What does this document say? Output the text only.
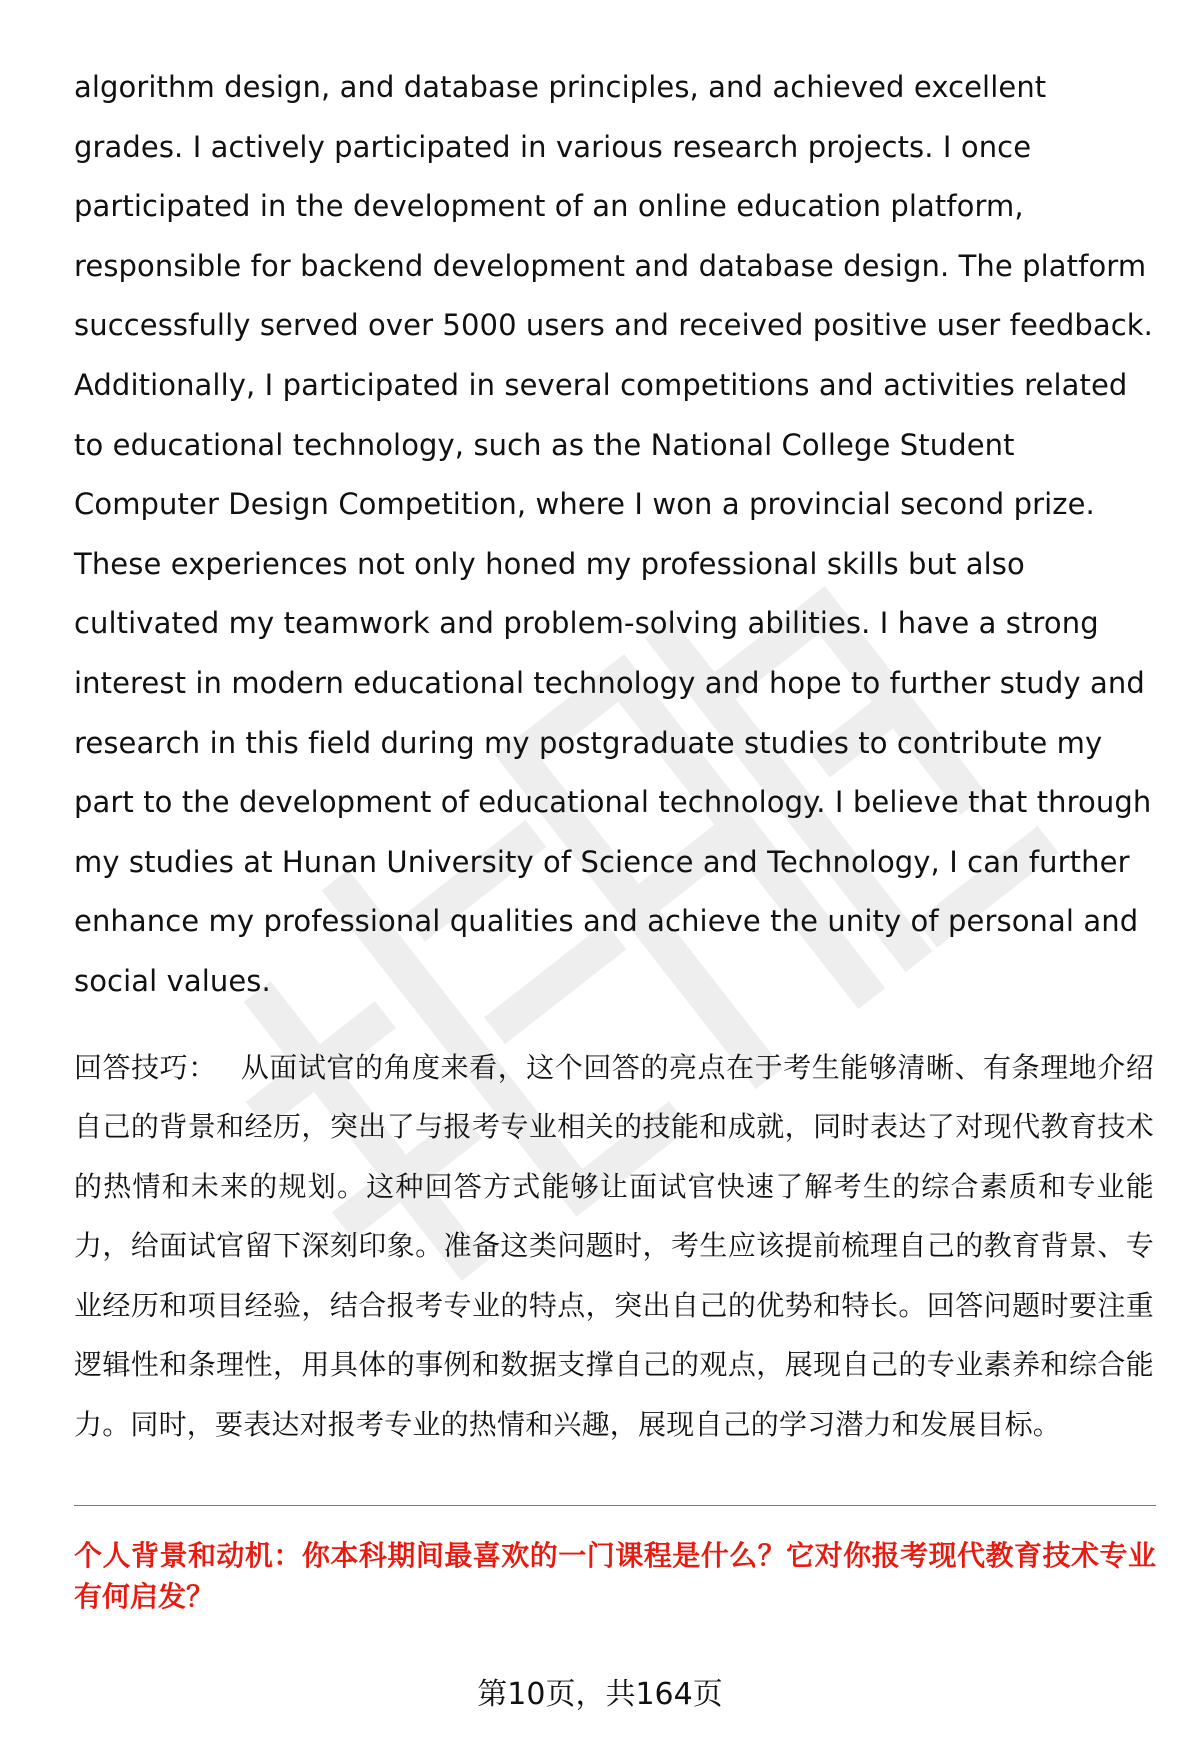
algorithm design, and database principles, and achieved excellent grades. I actively participated in various research projects. I once participated in the development of an online education platform, responsible for backend development and database design. The platform successfully served over 5000 users and received positive user feedback. Additionally, I participated in several competitions and activities related to educational technology, such as the National College Student Computer Design Competition, where I won a provincial second prize. These experiences not only honed my professional skills but also cultivated my teamwork and problem-solving abilities. I have a strong interest in modern educational technology and hope to further study and research in this field during my postgraduate studies to contribute my part to the development of educational technology. I believe that through my studies at Hunan University of Science and Technology, I can further enhance my professional qualities and achieve the unity of personal and social values.

回答技巧： 从面试官的角度来看，这个回答的亮点在于考生能够清晰、有条理地介绍自己的背景和经历，突出了与报考专业相关的技能和成就，同时表达了对现代教育技术的热情和未来的规划。这种回答方式能够让面试官快速了解考生的综合素质和专业能力，给面试官留下深刻印象。准备这类问题时，考生应该提前梳理自己的教育背景、专业经历和项目经验，结合报考专业的特点，突出自己的优势和特长。回答问题时要注重逻辑性和条理性，用具体的事例和数据支撑自己的观点，展现自己的专业素养和综合能力。同时，要表达对报考专业的热情和兴趣，展现自己的学习潜力和发展目标。

个人背景和动机：你本科期间最喜欢的一门课程是什么？它对你报考现代教育技术专业有何启发？

第10页，共164页
